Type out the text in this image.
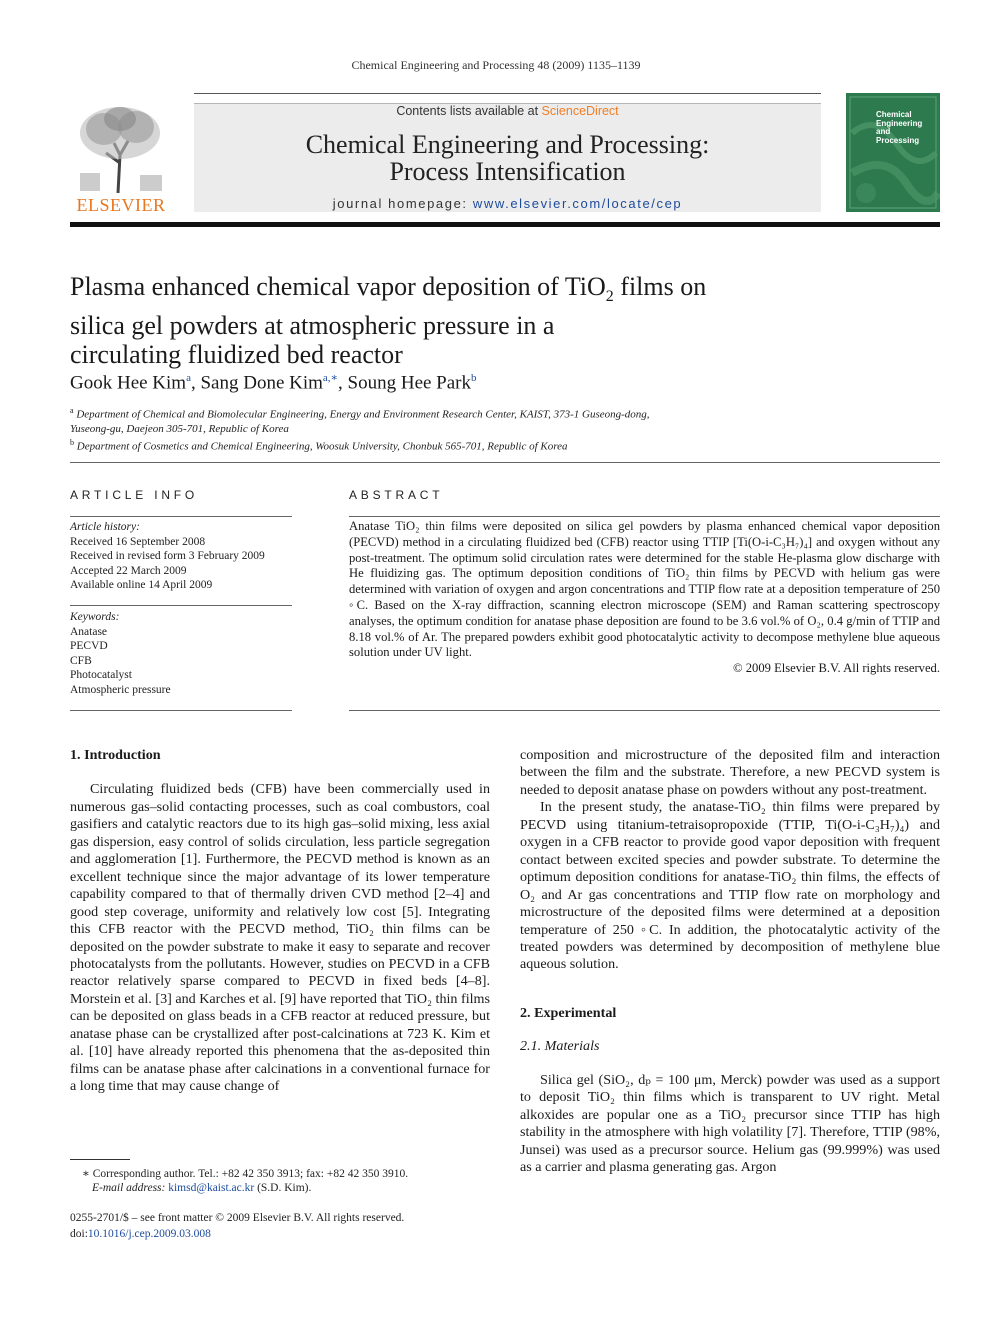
Chemical Engineering and Processing 48 (2009) 1135–1139
ELSEVIER
Contents lists available at ScienceDirect
Chemical Engineering and Processing:
Process Intensification
journal homepage: www.elsevier.com/locate/cep
Chemical
Engineering
and
Processing
Plasma enhanced chemical vapor deposition of TiO$_2$ films on
silica gel powders at atmospheric pressure in a
circulating fluidized bed reactor
Gook Hee Kim$^a$, Sang Done Kim$^{a,∗}$, Soung Hee Park$^b$
$^a$ Department of Chemical and Biomolecular Engineering, Energy and Environment Research Center, KAIST, 373-1 Guseong-dong,
Yuseong-gu, Daejeon 305-701, Republic of Korea
$^b$ Department of Cosmetics and Chemical Engineering, Woosuk University, Chonbuk 565-701, Republic of Korea
ARTICLE INFO
Article history:
Received 16 September 2008
Received in revised form 3 February 2009
Accepted 22 March 2009
Available online 14 April 2009
Keywords:
Anatase
PECVD
CFB
Photocatalyst
Atmospheric pressure
ABSTRACT
Anatase TiO₂ thin films were deposited on silica gel powders by plasma enhanced chemical vapor deposition (PECVD) method in a circulating fluidized bed (CFB) reactor using TTIP [Ti(O-i-C₃H₇)₄] and oxygen without any post-treatment. The optimum solid circulation rates were determined for the stable He-plasma glow discharge with He fluidizing gas. The optimum deposition conditions of TiO₂ thin films by PECVD with helium gas were determined with variation of oxygen and argon concentrations and TTIP flow rate at a deposition temperature of 250 ◦C. Based on the X-ray diffraction, scanning electron microscope (SEM) and Raman scattering spectroscopy analyses, the optimum condition for anatase phase deposition are found to be 3.6 vol.% of O₂, 0.4 g/min of TTIP and 8.18 vol.% of Ar. The prepared powders exhibit good photocatalytic activity to decompose methylene blue aqueous solution under UV light.
© 2009 Elsevier B.V. All rights reserved.
1. Introduction

Circulating fluidized beds (CFB) have been commercially used in numerous gas–solid contacting processes, such as coal combustors, coal gasifiers and catalytic reactors due to its high gas–solid mixing, less axial gas dispersion, easy control of solids circulation, less particle segregation and agglomeration [1]. Furthermore, the PECVD method is known as an excellent technique since the major advantage of its lower temperature capability compared to that of thermally driven CVD method [2–4] and good step coverage, uniformity and relatively low cost [5]. Integrating this CFB reactor with the PECVD method, TiO₂ thin films can be deposited on the powder substrate to make it easy to separate and recover photocatalysts from the pollutants. However, studies on PECVD in a CFB reactor relatively sparse compared to PECVD in fixed beds [4–8]. Morstein et al. [3] and Karches et al. [9] have reported that TiO₂ thin films can be deposited on glass beads in a CFB reactor at reduced pressure, but anatase phase can be crystallized after post-calcinations at 723 K. Kim et al. [10] have already reported this phenomena that the as-deposited thin films can be anatase phase after calcinations in a conventional furnace for a long time that may cause change of

composition and microstructure of the deposited film and interaction between the film and the substrate. Therefore, a new PECVD system is needed to deposit anatase phase on powders without any post-treatment.

In the present study, the anatase-TiO₂ thin films were prepared by PECVD using titanium-tetraisopropoxide (TTIP, Ti(O-i-C₃H₇)₄) and oxygen in a CFB reactor to provide good vapor deposition with frequent contact between excited species and powder substrate. To determine the optimum deposition conditions for anatase-TiO₂ thin films, the effects of O₂ and Ar gas concentrations and TTIP flow rate on morphology and microstructure of the deposited films were determined at a deposition temperature of 250 ◦C. In addition, the photocatalytic activity of the treated powders was determined by decomposition of methylene blue aqueous solution.

2. Experimental
2.1. Materials

Silica gel (SiO₂, dₚ = 100 μm, Merck) powder was used as a support to deposit TiO₂ thin films which is transparent to UV right. Metal alkoxides are popular one as a TiO₂ precursor since TTIP has high stability in the atmosphere with high volatility [7]. Therefore, TTIP (98%, Junsei) was used as a precursor source. Helium gas (99.999%) was used as a carrier and plasma generating gas. Argon

∗ Corresponding author. Tel.: +82 42 350 3913; fax: +82 42 350 3910.
E-mail address: kimsd@kaist.ac.kr (S.D. Kim).
0255-2701/$ – see front matter © 2009 Elsevier B.V. All rights reserved.
doi:10.1016/j.cep.2009.03.008
